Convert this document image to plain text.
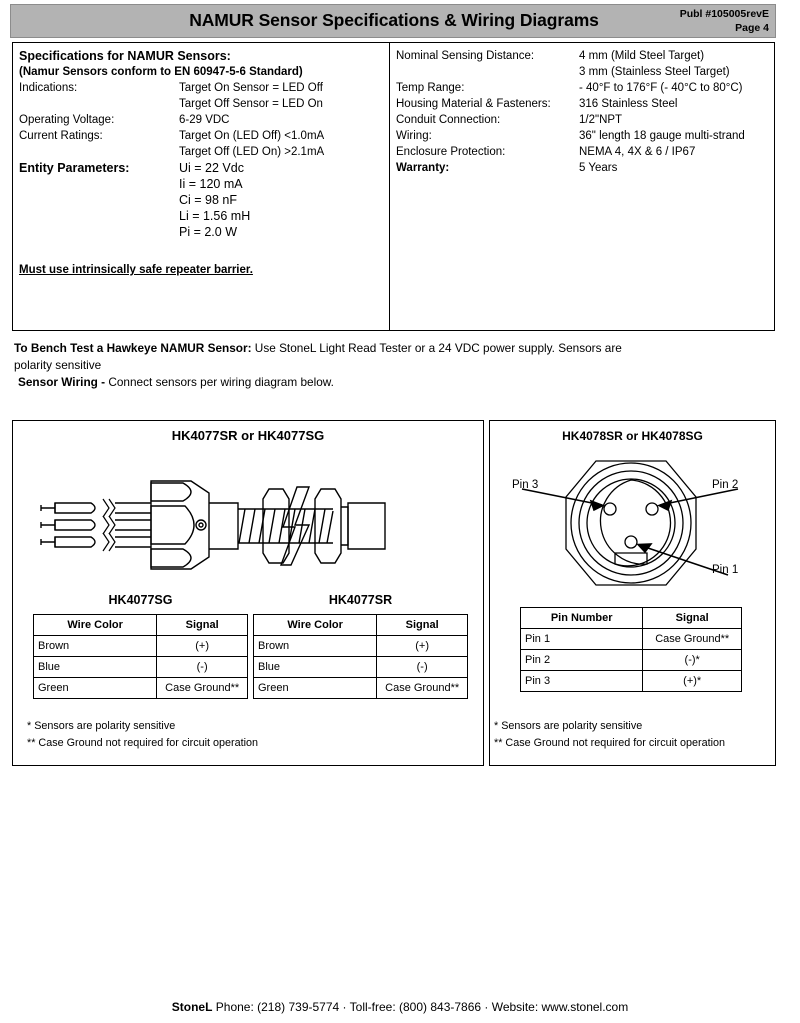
NAMUR Sensor Specifications & Wiring Diagrams	Publ #105005revE
Page 4
Specifications for NAMUR Sensors:
(Namur Sensors conform to EN 60947-5-6 Standard)
Indications:	Target On Sensor = LED Off
Target Off Sensor = LED On
Operating Voltage:	6-29 VDC
Current Ratings:	Target On (LED Off) <1.0mA
Target Off (LED On) >2.1mA
Entity Parameters:	Ui = 22 Vdc
Ii = 120 mA
Ci = 98 nF
Li = 1.56 mH
Pi = 2.0 W
Must use intrinsically safe repeater barrier.
Nominal Sensing Distance:	4 mm (Mild Steel Target)
3 mm (Stainless Steel Target)
Temp Range:	- 40°F to 176°F (- 40°C to 80°C)
Housing Material & Fasteners:	316 Stainless Steel
Conduit Connection:	1/2"NPT
Wiring:	36" length 18 gauge multi-strand
Enclosure Protection:	NEMA 4, 4X & 6 / IP67
Warranty:	5 Years
To Bench Test a Hawkeye NAMUR Sensor: Use StoneL Light Read Tester or a 24 VDC power supply. Sensors are
polarity sensitive
Sensor Wiring - Connect sensors per wiring diagram below.
HK4077SR or HK4077SG
HK4077SG	HK4077SR
Wire Color	Signal
Brown	(+)
Blue	(-)
Green	Case Ground**
Wire Color	Signal
Brown	(+)
Blue	(-)
Green	Case Ground**
* Sensors are polarity sensitive
** Case Ground not required for circuit operation
HK4078SR or HK4078SG
Pin 3	Pin 2
Pin 1
Pin Number	Signal
Pin 1	Case Ground**
Pin 2	(-)*
Pin 3	(+)*
* Sensors are polarity sensitive
** Case Ground not required for circuit operation
StoneL Phone: (218) 739-5774 · Toll-free: (800) 843-7866 · Website: www.stonel.com
